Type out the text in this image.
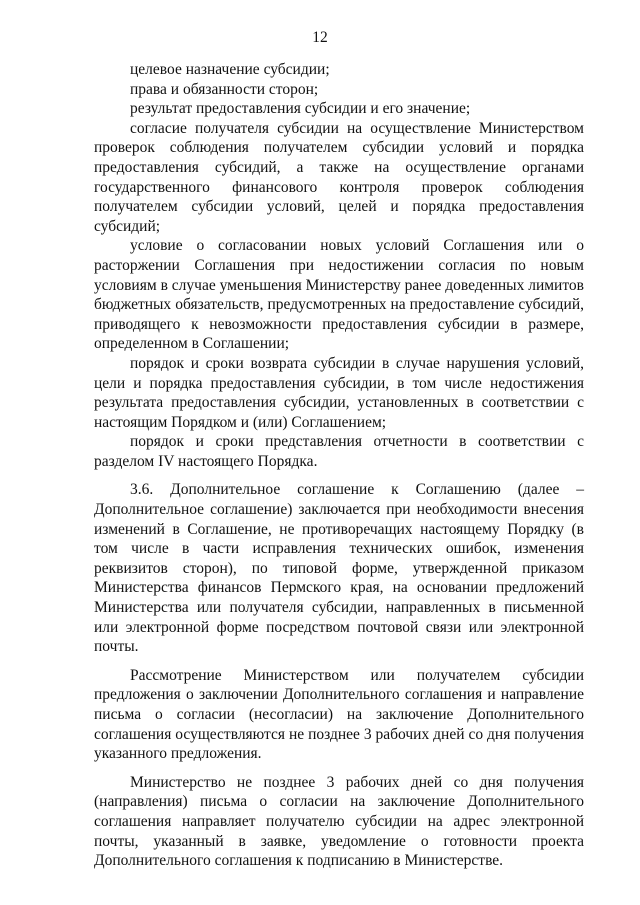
12

целевое назначение субсидии;

права и обязанности сторон;

результат предоставления субсидии и его значение;

согласие получателя субсидии на осуществление Министерством проверок соблюдения получателем субсидии условий и порядка предоставления субсидий, а также на осуществление органами государственного финансового контроля проверок соблюдения получателем субсидии условий, целей и порядка предоставления субсидий;

условие о согласовании новых условий Соглашения или о расторжении Соглашения при недостижении согласия по новым условиям в случае уменьшения Министерству ранее доведенных лимитов бюджетных обязательств, предусмотренных на предоставление субсидий, приводящего к невозможности предоставления субсидии в размере, определенном в Соглашении;

порядок и сроки возврата субсидии в случае нарушения условий, цели и порядка предоставления субсидии, в том числе недостижения результата предоставления субсидии, установленных в соответствии с настоящим Порядком и (или) Соглашением;

порядок и сроки представления отчетности в соответствии с разделом IV настоящего Порядка.

3.6. Дополнительное соглашение к Соглашению (далее – Дополнительное соглашение) заключается при необходимости внесения изменений в Соглашение, не противоречащих настоящему Порядку (в том числе в части исправления технических ошибок, изменения реквизитов сторон), по типовой форме, утвержденной приказом Министерства финансов Пермского края, на основании предложений Министерства или получателя субсидии, направленных в письменной или электронной форме посредством почтовой связи или электронной почты.

Рассмотрение Министерством или получателем субсидии предложения о заключении Дополнительного соглашения и направление письма о согласии (несогласии) на заключение Дополнительного соглашения осуществляются не позднее 3 рабочих дней со дня получения указанного предложения.

Министерство не позднее 3 рабочих дней со дня получения (направления) письма о согласии на заключение Дополнительного соглашения направляет получателю субсидии на адрес электронной почты, указанный в заявке, уведомление о готовности проекта Дополнительного соглашения к подписанию в Министерстве.
